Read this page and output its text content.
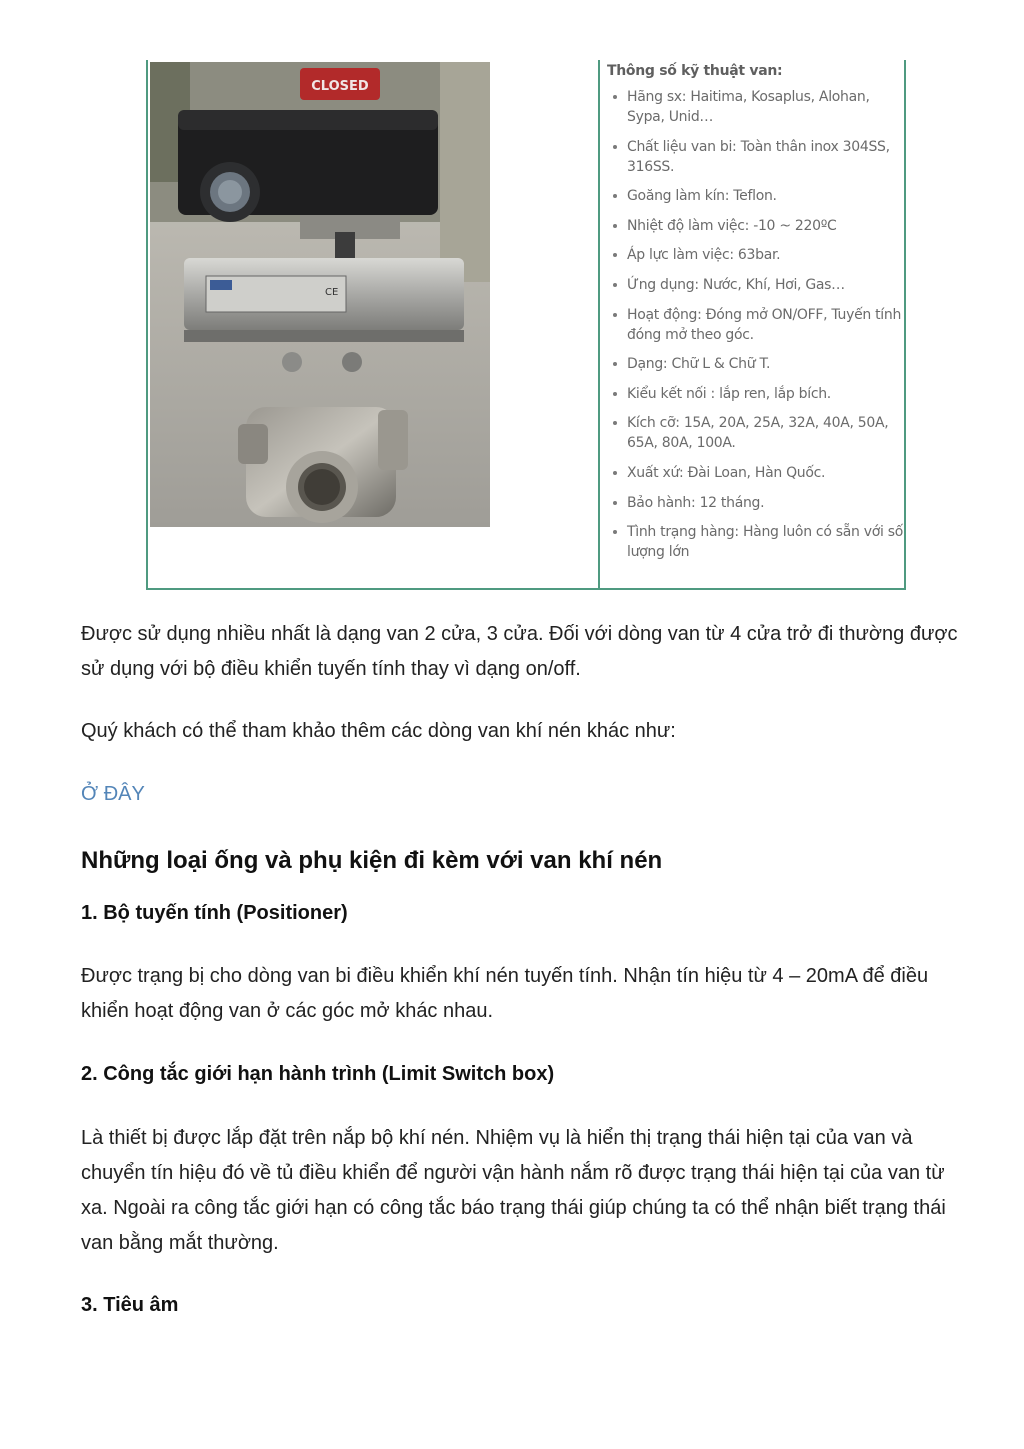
CLOSED
CE

Thông số kỹ thuật van:

Hãng sx: Haitima, Kosaplus, Alohan, Sypa, Unid…
Chất liệu van bi: Toàn thân inox 304SS, 316SS.
Goăng làm kín: Teflon.
Nhiệt độ làm việc: -10 ~ 220ºC
Áp lực làm việc: 63bar.
Ứng dụng: Nước, Khí, Hơi, Gas…
Hoạt động: Đóng mở ON/OFF, Tuyến tính đóng mở theo góc.
Dạng: Chữ L & Chữ T.
Kiểu kết nối : lắp ren, lắp bích.
Kích cỡ: 15A, 20A, 25A, 32A, 40A, 50A, 65A, 80A, 100A.
Xuất xứ: Đài Loan, Hàn Quốc.
Bảo hành: 12 tháng.
Tình trạng hàng: Hàng luôn có sẵn với số lượng lớn

Được sử dụng nhiều nhất là dạng van 2 cửa, 3 cửa. Đối với dòng van từ 4 cửa trở đi thường được sử dụng với bộ điều khiển tuyến tính thay vì dạng on/off.

Quý khách có thể tham khảo thêm các dòng van khí nén khác như:

Ở ĐÂY
Những loại ống và phụ kiện đi kèm với van khí nén
1. Bộ tuyến tính (Positioner)

Được trạng bị cho dòng van bi điều khiển khí nén tuyến tính. Nhận tín hiệu từ 4 – 20mA để điều khiển hoạt động van ở các góc mở khác nhau.

2. Công tắc giới hạn hành trình (Limit Switch box)

Là thiết bị được lắp đặt trên nắp bộ khí nén. Nhiệm vụ là hiển thị trạng thái hiện tại của van và chuyển tín hiệu đó về tủ điều khiển để người vận hành nắm rõ được trạng thái hiện tại của van từ xa. Ngoài ra công tắc giới hạn có công tắc báo trạng thái giúp chúng ta có thể nhận biết trạng thái van bằng mắt thường.

3. Tiêu âm
